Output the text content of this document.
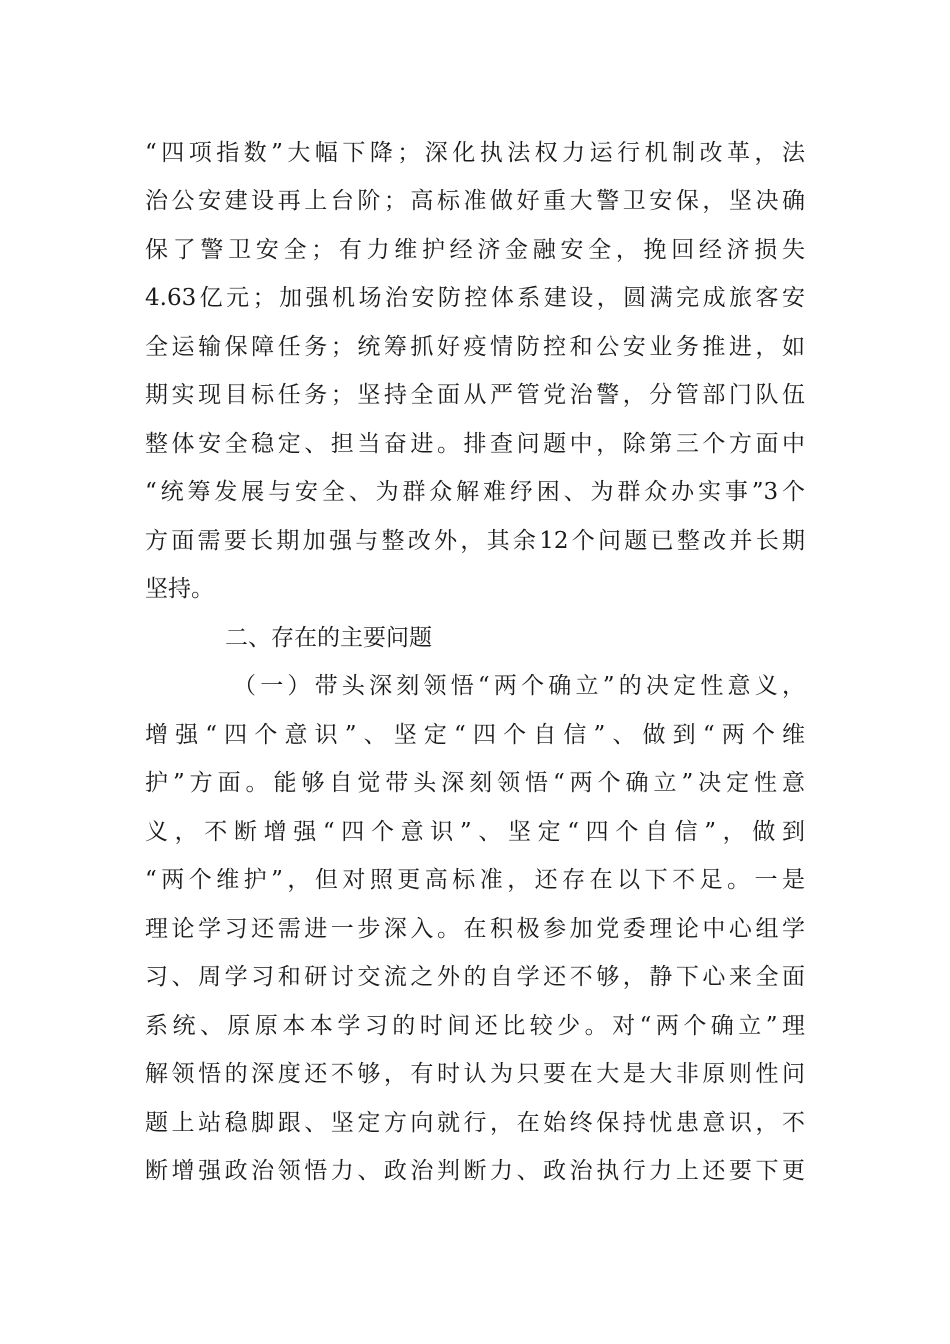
“四项指数”大幅下降；深化执法权力运行机制改革，法
治公安建设再上台阶；高标准做好重大警卫安保，坚决确
保了警卫安全；有力维护经济金融安全，挽回经济损失
4.63亿元；加强机场治安防控体系建设，圆满完成旅客安
全运输保障任务；统筹抓好疫情防控和公安业务推进，如
期实现目标任务；坚持全面从严管党治警，分管部门队伍
整体安全稳定、担当奋进。排查问题中，除第三个方面中
“统筹发展与安全、为群众解难纾困、为群众办实事”3个
方面需要长期加强与整改外，其余12个问题已整改并长期
坚持。
二、存在的主要问题
（一）带头深刻领悟“两个确立”的决定性意义，
增强“四个意识”、坚定“四个自信”、做到“两个维
护”方面。能够自觉带头深刻领悟“两个确立”决定性意
义，不断增强“四个意识”、坚定“四个自信”，做到
“两个维护”，但对照更高标准，还存在以下不足。一是
理论学习还需进一步深入。在积极参加党委理论中心组学
习、周学习和研讨交流之外的自学还不够，静下心来全面
系统、原原本本学习的时间还比较少。对“两个确立”理
解领悟的深度还不够，有时认为只要在大是大非原则性问
题上站稳脚跟、坚定方向就行，在始终保持忧患意识，不
断增强政治领悟力、政治判断力、政治执行力上还要下更
